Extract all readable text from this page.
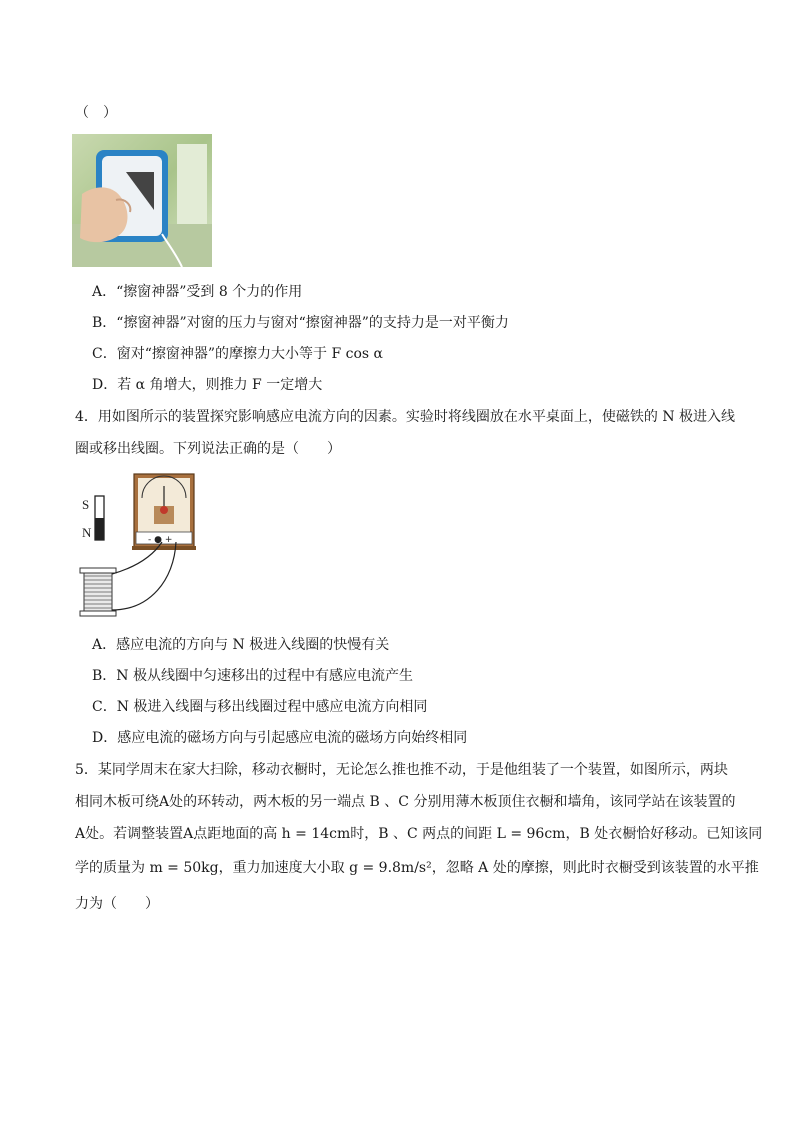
（　）
A．“擦窗神器”受到 8 个力的作用
B．“擦窗神器”对窗的压力与窗对“擦窗神器”的支持力是一对平衡力
C．窗对“擦窗神器”的摩擦力大小等于 F cos α
D．若 α 角增大，则推力 F 一定增大
4．用如图所示的装置探究影响感应电流方向的因素。实验时将线圈放在水平桌面上，使磁铁的 N 极进入线
圈或移出线圈。下列说法正确的是（　　）
S
N	- ● +
A．感应电流的方向与 N 极进入线圈的快慢有关
B．N 极从线圈中匀速移出的过程中有感应电流产生
C．N 极进入线圈与移出线圈过程中感应电流方向相同
D．感应电流的磁场方向与引起感应电流的磁场方向始终相同
5．某同学周末在家大扫除，移动衣橱时，无论怎么推也推不动，于是他组装了一个装置，如图所示，两块
相同木板可绕A处的环转动，两木板的另一端点 B 、C 分别用薄木板顶住衣橱和墙角，该同学站在该装置的
A处。若调整装置A点距地面的高 h = 14cm时，B 、C 两点的间距 L = 96cm，B 处衣橱恰好移动。已知该同
学的质量为 m = 50kg，重力加速度大小取 g = 9.8m/s²，忽略 A 处的摩擦，则此时衣橱受到该装置的水平推
力为（　　）
